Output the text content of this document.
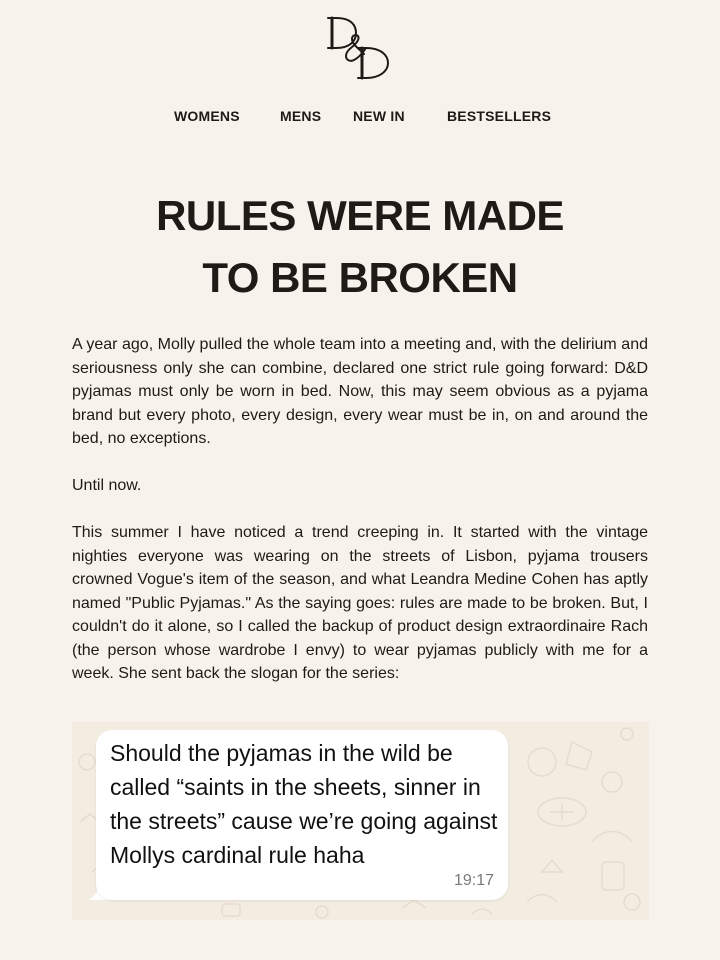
WOMENS	MENS NEW IN	BESTSELLERS
RULES WERE MADE
TO BE BROKEN

A year ago, Molly pulled the whole team into a meeting and, with the delirium and seriousness only she can combine, declared one strict rule going forward: D&D pyjamas must only be worn in bed. Now, this may seem obvious as a pyjama brand but every photo, every design, every wear must be in, on and around the bed, no exceptions.

Until now.

This summer I have noticed a trend creeping in. It started with the vintage nighties everyone was wearing on the streets of Lisbon, pyjama trousers crowned Vogue's item of the season, and what Leandra Medine Cohen has aptly named "Public Pyjamas." As the saying goes: rules are made to be broken. But, I couldn't do it alone, so I called the backup of product design extraordinaire Rach (the person whose wardrobe I envy) to wear pyjamas publicly with me for a week. She sent back the slogan for the series:

Should the pyjamas in the wild be called “saints in the sheets, sinner in the streets” cause we’re going against Mollys cardinal rule haha
19:17
